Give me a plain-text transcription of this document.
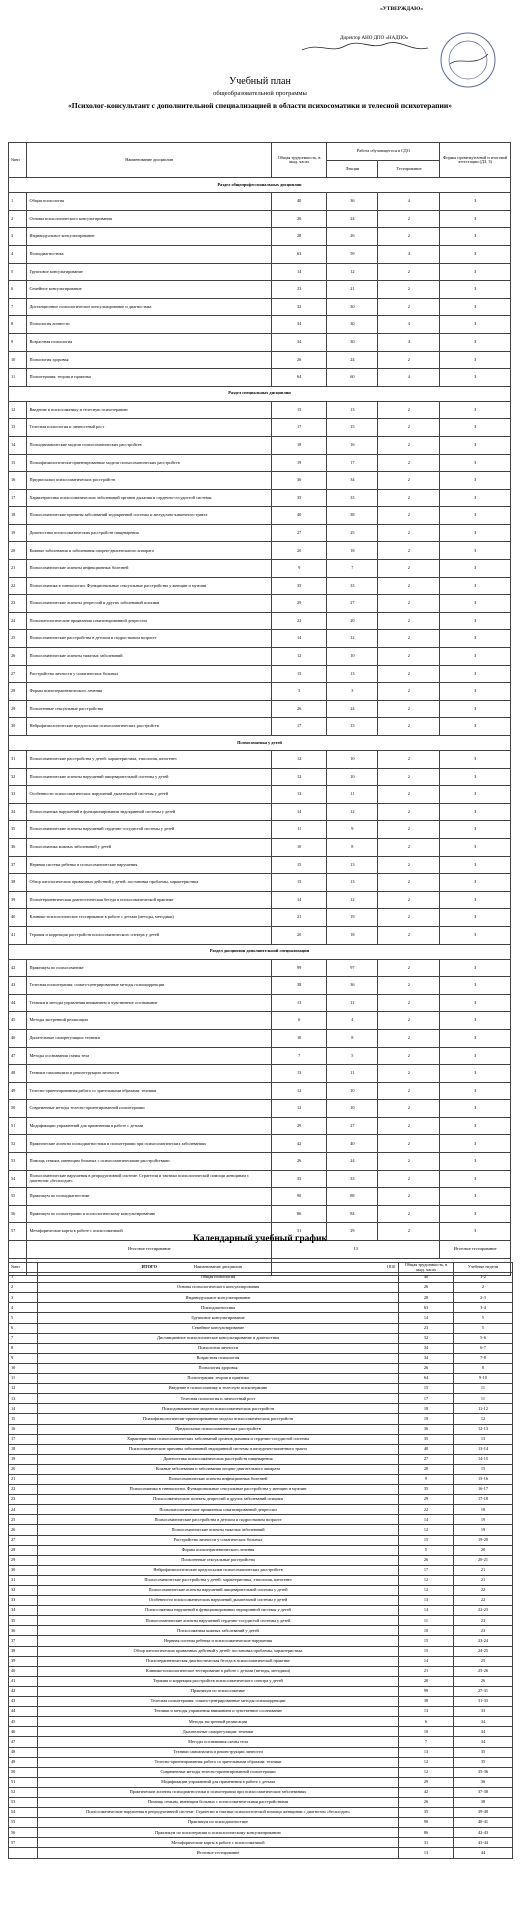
«УТВЕРЖДАЮ»
Директор АНО ДПО «НАДПО»
Учебный план
общеобразовательной программы
«Психолог-консультант с дополнительной специализацией в области психосоматики и телесной психотерапии»
№нп	Наименование дисциплин	Общая трудоемкость, в акад. часах	Работа обучающегося в СДО		Формы промежуточной и итоговой аттестации (ДЗ, З)
			Лекции	Тестирование	
Раздел общепрофессиональных дисциплин					
1	Общая психология	40	36	4	З
2	Основы психологического консультирования	26	24	2	З
3	Индивидуальное консультирование	28	26	2	З
4	Психодиагностика	63	59	4	З
5	Групповое консультирование	14	12	2	З
6	Семейное консультирование	23	21	2	З
7	Дистанционное психологическое консультирование и диагностика	32	30	2	З
8	Психология личности	34	30	4	З
9	Возрастная психология	34	30	4	З
10	Психология здоровья	26	24	2	З
11	Психотерапия: теория и практика	64	60	4	З
Раздел специальных дисциплин					
12	Введение в психосоматику и телесную психотерапию	15	13	2	З
13	Телесная психология и личностный рост	17	15	2	З
14	Психодинамические модели психосоматических расстройств	18	16	2	З
15	Психофизиологически-ориентированные модели психосоматических расстройств	19	17	2	З
16	Предпосылки психосоматических расстройств	36	34	2	З
17	Характеристика психосоматических заболеваний органов дыхания и сердечно-сосудистой системы	35	33	2	З
18	Психосоматические причины заболеваний эндокринной системы и желудочно-кишечного тракта	40	38	2	З
19	Диагностика психосоматических расстройств пищеварения	27	25	2	З
20	Кожные заболевания и заболевания опорно-двигательного аппарата	20	18	2	З
21	Психосоматические аспекты инфекционных болезней	9	7	2	З
22	Психосоматика в гинекологии. Функциональные сексуальные расстройства у женщин и мужчин	35	33	2	З
23	Психосоматические аспекты депрессий и других заболеваний психики	29	27	2	З
24	Психопатологические проявления соматизированной депрессии	22	20	2	З
25	Психосоматические расстройства в детском и подростковом возрасте	14	12	2	З
26	Психосоматические аспекты тяжелых заболеваний	12	10	2	З
27	Расстройства личности у соматических больных	15	13	2	З
28	Формы психотерапевтического лечения	5	3	2	З
29	Психогенные сексуальные расстройства	26	24	2	З
30	Нейрофизиологические предпосылки психосоматических расстройств	17	15	2	З
Психосоматика у детей					
31	Психосоматические расстройства у детей: характеристика, этиология, патогенез	12	10	2	З
32	Психосоматические аспекты нарушений пищеварительной системы у детей	12	10	2	З
33	Особенности психосоматических нарушений дыхательной системы у детей	13	11	2	З
34	Психосоматика нарушений в функционировании эндокринной системы у детей	14	12	2	З
35	Психосоматические аспекты нарушений сердечно-сосудистой системы у детей	11	9	2	З
36	Психосоматика кожных заболеваний у детей	10	8	2	З
37	Нервная система ребенка и психосоматические нарушения	15	13	2	З
38	Обзор патологических привычных действий у детей: постановка проблемы, характеристика	15	13	2	З
39	Психотерапевтическая диагностическая беседа в психосоматической практике	14	12	2	З
40	Клинико-психологическое тестирование в работе с детьми (методы, методики)	21	19	2	З
41	Терапия и коррекция расстройств психосоматического спектра у детей	20	18	2	З
Раздел дисциплин дополнительной специализации					
42	Практикум по психосоматике	99	97	2	З
43	Телесная психотерапия: соматo-центрированные методы психокоррекции	38	36	2	З
44	Техники и методы управления вниманием и чувственное осознавание	13	11	2	З
45	Методы экстренной релаксации	6	4	2	З
46	Дыхательные саморегуляции: техники	10	8	2	З
47	Методы осознавания схемы тела	7	5	2	З
48	Техники самоанализа и реконструкции личности	13	11	2	З
49	Телесно-ориентированная работа со зрительными образами: техники	12	10	2	З
50	Современные методы телесно-ориентированной психотерапии	12	10	2	З
51	Модификации упражнений для применения в работе с детьми	29	27	2	З
52	Практические аспекты психодиагностики и психотерапии при психосоматических заболеваниях	42	40	2	З
53	Помощь семьям, имеющим больных с психосоматическими расстройствами	26	24	2	З
54	Психосоматические нарушения в репродуктивной системе. Стратегии и тактики психологической помощи женщинам с диагнозом «бесплодие»	35	33	2	З
55	Практикум по психодиагностике	90	88	2	З
56	Практикум по психотерапии и психологическому консультированию	86	84	2	З
57	Метафорические карты в работе с психосоматикой	31	29	2	З
	Итоговое тестирование	13			Итоговое тестирование
	ИТОГО	1810			
Календарный учебный график
№нп	Наименование дисциплин	Общая трудоемкость, в акад. часах	Учебные недели
1	Общая психология	40	1-2
2	Основы психологического консультирования	26	2
3	Индивидуальное консультирование	28	2-3
4	Психодиагностика	63	3-4
5	Групповое консультирование	14	5
6	Семейное консультирование	23	5
7	Дистанционное психологическое консультирование и диагностика	32	5-6
8	Психология личности	34	6-7
9	Возрастная психология	34	7-8
10	Психология здоровья	26	8
11	Психотерапия: теория и практика	64	9-10
12	Введение в психосоматику и телесную психотерапию	15	11
13	Телесная психология и личностный рост	17	11
14	Психодинамические модели психосоматических расстройств	18	11-12
15	Психофизиологически-ориентированные модели психосоматических расстройств	19	12
16	Предпосылки психосоматических расстройств	36	12-13
17	Характеристика психосоматических заболеваний органов дыхания и сердечно-сосудистой системы	35	13
18	Психосоматические причины заболеваний эндокринной системы и желудочно-кишечного тракта	40	13-14
19	Диагностика психосоматических расстройств пищеварения	27	14-15
20	Кожные заболевания и заболевания опорно-двигательного аппарата	20	15
21	Психосоматические аспекты инфекционных болезней	9	15-16
22	Психосоматика в гинекологии. Функциональные сексуальные расстройства у женщин и мужчин	35	16-17
23	Психосоматические аспекты депрессий и других заболеваний психики	29	17-18
24	Психопатологические проявления соматизированной депрессии	22	18
25	Психосоматические расстройства в детском и подростковом возрасте	14	19
26	Психосоматические аспекты тяжелых заболеваний	12	19
27	Расстройства личности у соматических больных	15	19-20
28	Формы психотерапевтического лечения	5	20
29	Психогенные сексуальные расстройства	26	20-21
30	Нейрофизиологические предпосылки психосоматических расстройств	17	21
31	Психосоматические расстройства у детей: характеристика, этиология, патогенез	12	21
32	Психосоматические аспекты нарушений пищеварительной системы у детей	12	22
33	Особенности психосоматических нарушений дыхательной системы у детей	13	22
34	Психосоматика нарушений в функционировании эндокринной системы у детей	14	22-23
35	Психосоматические аспекты нарушений сердечно-сосудистой системы у детей	11	23
36	Психосоматика кожных заболеваний у детей	10	23
37	Нервная система ребенка и психосоматические нарушения	15	23-24
38	Обзор патологических привычных действий у детей: постановка проблемы, характеристика	15	24-25
39	Психотерапевтическая диагностическая беседа в психосоматической практике	14	25
40	Клинико-психологическое тестирование в работе с детьми (методы, методики)	21	25-26
41	Терапия и коррекция расстройств психосоматического спектра у детей	20	26
42	Практикум по психосоматике	99	27-31
43	Телесная психотерапия: соматo-центрированные методы психокоррекции	38	31-33
44	Техники и методы управления вниманием и чувственное осознавание	13	33
45	Методы экстренной релаксации	6	34
46	Дыхательные саморегуляции: техники	10	34
47	Методы осознавания схемы тела	7	34
48	Техники самоанализа и реконструкции личности	13	35
49	Телесно-ориентированная работа со зрительными образами: техники	12	35
50	Современные методы телесно-ориентированной психотерапии	12	35-36
51	Модификации упражнений для применения в работе с детьми	29	36
52	Практические аспекты психодиагностики и психотерапии при психосоматических заболеваниях	42	37-38
53	Помощь семьям, имеющим больных с психосоматическими расстройствами	26	38
54	Психосоматические нарушения в репродуктивной системе. Стратегии и тактики психологической помощи женщинам с диагнозом «бесплодие»	35	39-40
55	Практикум по психодиагностике	90	40-41
56	Практикум по психотерапии и психологическому консультированию	86	42-43
57	Метафорические карты в работе с психосоматикой	31	43-44
	Итоговое тестирование	13	44
